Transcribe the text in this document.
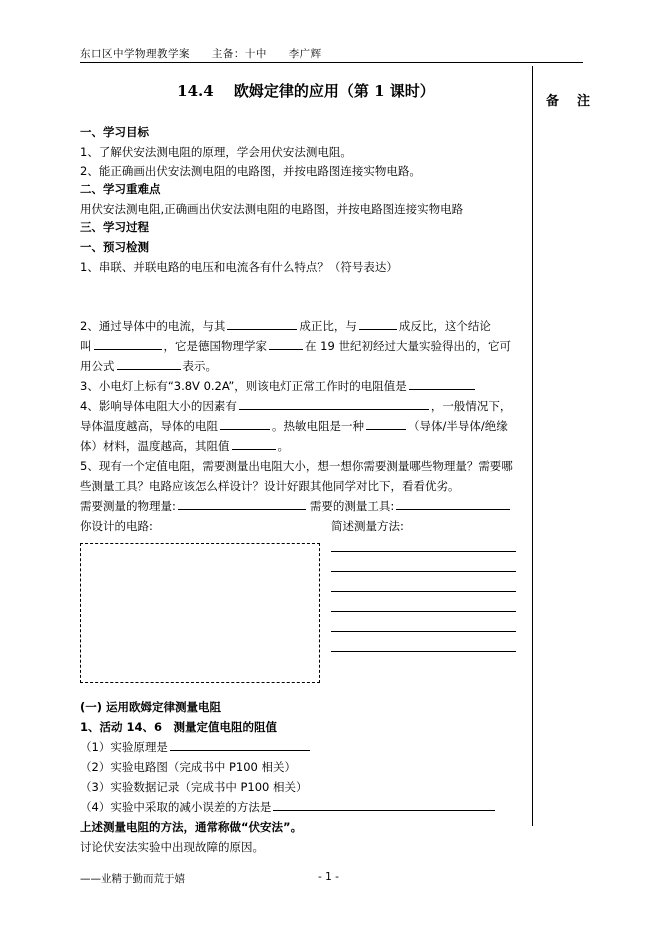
东口区中学物理教学案 主备：十中 李广辉
备注
14.4　 欧姆定律的应用（第 1 课时）
一、学习目标
1、了解伏安法测电阻的原理，学会用伏安法测电阻。
2、能正确画出伏安法测电阻的电路图，并按电路图连接实物电路。
二、学习重难点
用伏安法测电阻,正确画出伏安法测电阻的电路图，并按电路图连接实物电路
三、学习过程
一、预习检测
1、串联、并联电路的电压和电流各有什么特点？（符号表达）
2、通过导体中的电流，与其	成正比，与	成反比，这个结论
叫	，它是德国物理学家	在 19 世纪初经过大量实验得出的，它可
用公式	表示。
3、小电灯上标有“3.8V 0.2A”，则该电灯正常工作时的电阻值是
4、影响导体电阻大小的因素有	，一般情况下，
导体温度越高，导体的电阻	。热敏电阻是一种	（导体/半导体/绝缘
体）材料，温度越高，其阻值	。
5、现有一个定值电阻，需要测量出电阻大小，想一想你需要测量哪些物理量？需要哪
些测量工具？电路应该怎么样设计？设计好跟其他同学对比下，看看优劣。
需要测量的物理量:	需要的测量工具:
你设计的电路:	简述测量方法:
(一) 运用欧姆定律测量电阻
1、活动 14、6　测量定值电阻的阻值
（1）实验原理是
（2）实验电路图（完成书中 P100 相关）
（3）实验数据记录（完成书中 P100 相关）
（4）实验中采取的减小误差的方法是
上述测量电阻的方法，通常称做“伏安法”。
讨论伏安法实验中出现故障的原因。
——业精于勤而荒于嬉	- 1 -
